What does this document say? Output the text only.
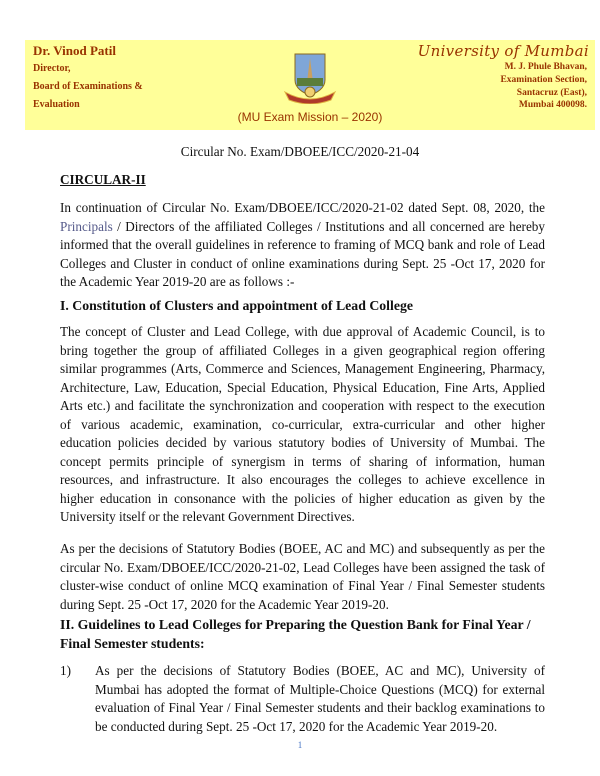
Dr. Vinod Patil
Director,
Board of Examinations &
Evaluation
University of Mumbai
M. J. Phule Bhavan,
Examination Section,
Santacruz (East),
Mumbai 400098.
(MU Exam Mission – 2020)
Circular No. Exam/DBOEE/ICC/2020-21-04
CIRCULAR-II
In continuation of Circular No. Exam/DBOEE/ICC/2020-21-02 dated Sept. 08, 2020, the
Principals / Directors of the affiliated Colleges / Institutions and all concerned are hereby
informed that the overall guidelines in reference to framing of MCQ bank and role of Lead
Colleges and Cluster in conduct of online examinations during Sept. 25 -Oct 17, 2020 for
the Academic Year 2019-20 are as follows :-
I. Constitution of Clusters and appointment of Lead College
The concept of Cluster and Lead College, with due approval of Academic Council, is to
bring together the group of affiliated Colleges in a given geographical region offering
similar programmes (Arts, Commerce and Sciences, Management Engineering, Pharmacy,
Architecture, Law, Education, Special Education, Physical Education, Fine Arts, Applied
Arts etc.) and facilitate the synchronization and cooperation with respect to the execution
of various academic, examination, co-curricular, extra-curricular and other higher
education policies decided by various statutory bodies of University of Mumbai. The
concept permits principle of synergism in terms of sharing of information, human
resources, and infrastructure. It also encourages the colleges to achieve excellence in
higher education in consonance with the policies of higher education as given by the
University itself or the relevant Government Directives.
As per the decisions of Statutory Bodies (BOEE, AC and MC) and subsequently as per the
circular No. Exam/DBOEE/ICC/2020-21-02, Lead Colleges have been assigned the task of
cluster-wise conduct of online MCQ examination of Final Year / Final Semester students
during Sept. 25 -Oct 17, 2020 for the Academic Year 2019-20.
II. Guidelines to Lead Colleges for Preparing the Question Bank for Final Year /
Final Semester students:
1) As per the decisions of Statutory Bodies (BOEE, AC and MC), University of
Mumbai has adopted the format of Multiple-Choice Questions (MCQ) for external
evaluation of Final Year / Final Semester students and their backlog examinations to
be conducted during Sept. 25 -Oct 17, 2020 for the Academic Year 2019-20.
1
